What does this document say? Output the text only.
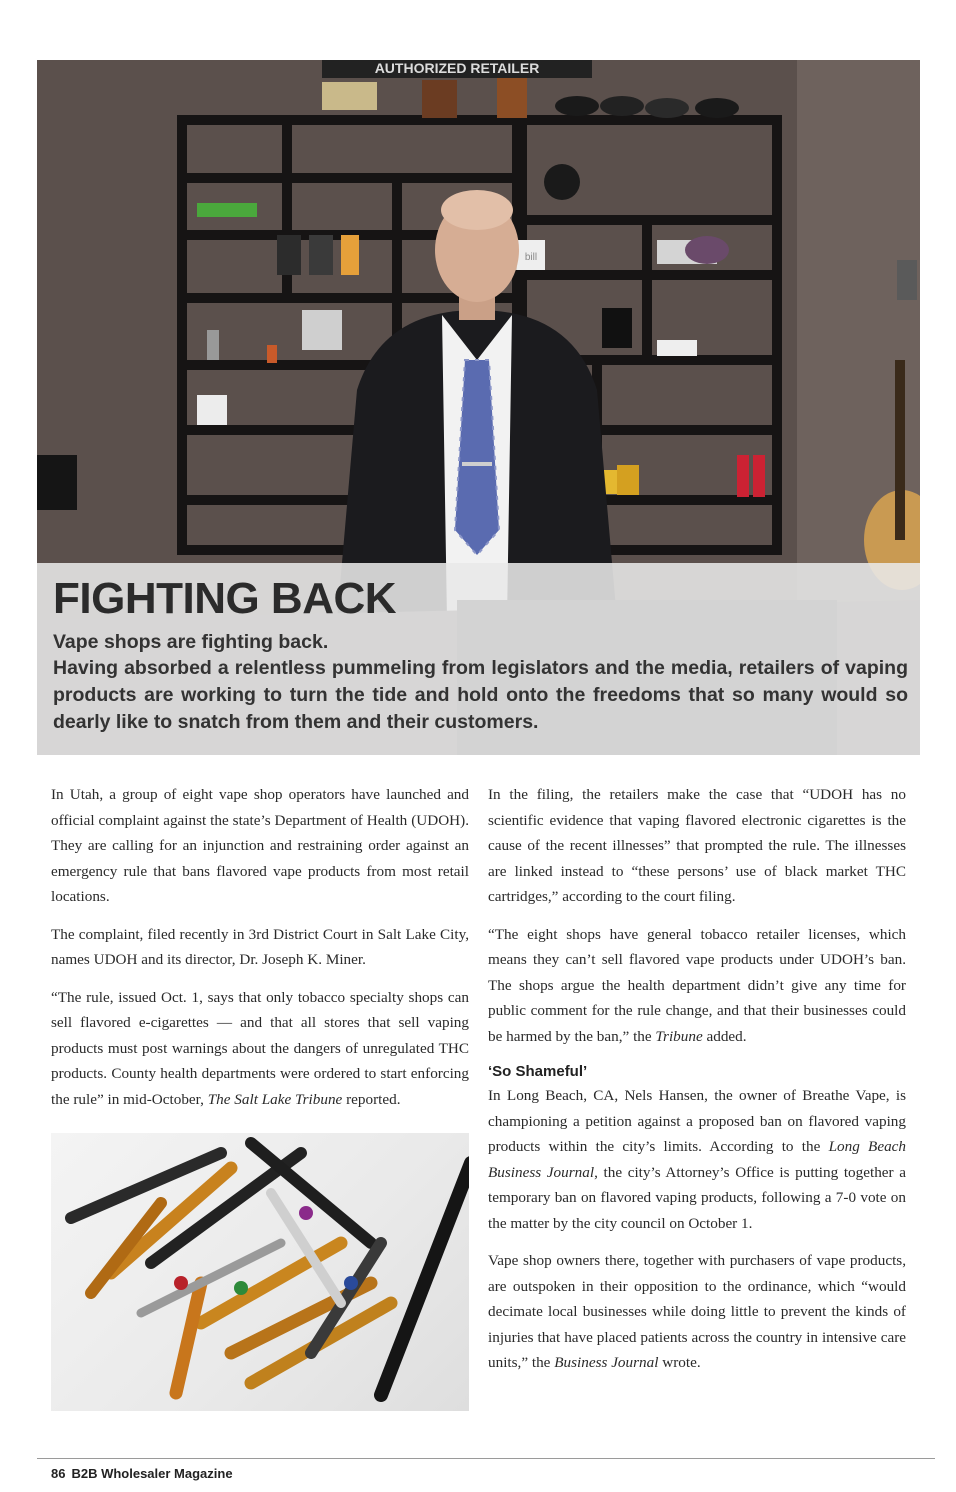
AUTHORIZED RETAILER
bill
FIGHTING BACK

Vape shops are fighting back.

Having absorbed a relentless pummeling from legislators and the media, retailers of vaping products are working to turn the tide and hold onto the freedoms that so many would so dearly like to snatch from them and their customers.

In Utah, a group of eight vape shop operators have launched and official complaint against the state’s Department of Health (UDOH). They are calling for an injunction and restraining order against an emergency rule that bans flavored vape products from most retail locations.

The complaint, filed recently in 3rd District Court in Salt Lake City, names UDOH and its director, Dr. Joseph K. Miner.

“The rule, issued Oct. 1, says that only tobacco specialty shops can sell flavored e-cigarettes — and that all stores that sell vaping products must post warnings about the dangers of unregulated THC products. County health departments were ordered to start enforcing the rule” in mid-October, The Salt Lake Tribune reported.

In the filing, the retailers make the case that “UDOH has no scientific evidence that vaping flavored electronic cigarettes is the cause of the recent illnesses” that prompted the rule. The illnesses are linked instead to “these persons’ use of black market THC cartridges,” according to the court filing.

“The eight shops have general tobacco retailer licenses, which means they can’t sell flavored vape products under UDOH’s ban. The shops argue the health department didn’t give any time for public comment for the rule change, and that their businesses could be harmed by the ban,” the Tribune added.

‘So Shameful’

In Long Beach, CA, Nels Hansen, the owner of Breathe Vape, is championing a petition against a proposed ban on flavored vaping products within the city’s limits. According to the Long Beach Business Journal, the city’s Attorney’s Office is putting together a temporary ban on flavored vaping products, following a 7-0 vote on the matter by the city council on October 1.

Vape shop owners there, together with purchasers of vape products, are outspoken in their opposition to the ordinance, which “would decimate local businesses while doing little to prevent the kinds of injuries that have placed patients across the country in intensive care units,” the Business Journal wrote.

86 B2B Wholesaler Magazine
